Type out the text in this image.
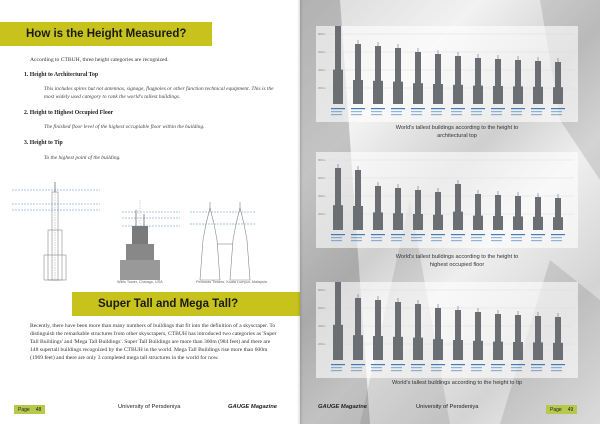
How is the Height Measured?
According to CTBUH, three height categories are recognized.
1. Height to Architectural Top
This includes spires but not antennas, signage, flagpoles or other function technical equipment. This is the most widely used category to rank the world's tallest buildings.
2. Height to Highest Occupied Floor
The finished floor level of the highest occupiable floor within the building.
3. Height to Tip
To the highest point of the building.
Willis Tower, Chicago, USA	Petronas Towers, Kuala Lumpur, Malaysia
Super Tall and Mega Tall?
Recently, there have been more than many numbers of buildings that fit into the definition of a skyscraper. To distinguish the remarkable structures from other skyscrapers, CTBUH has introduced two categories as 'Super Tall Buildings' and 'Mega Tall Buildings'. Super Tall Buildings are more than 300m (984 feet) and there are 148 supertall buildings recognized by the CTBUH in the world. Mega Tall Buildings rise more than 600m (1969 feet) and there are only 3 completed mega tall structures in the world for now.
Page 48	University of Persdeniya	GAUGE Magazine
800m
600m
400m
200m
World's tallest buildings according to the height to architectural top
800m
600m
400m
200m
World's tallest buildings according to the height to highest occupied floor
800m
600m
400m
200m
World's tallest buildings according to the height to tip
GAUGE Magazine	University of Persdeniya	Page 49
